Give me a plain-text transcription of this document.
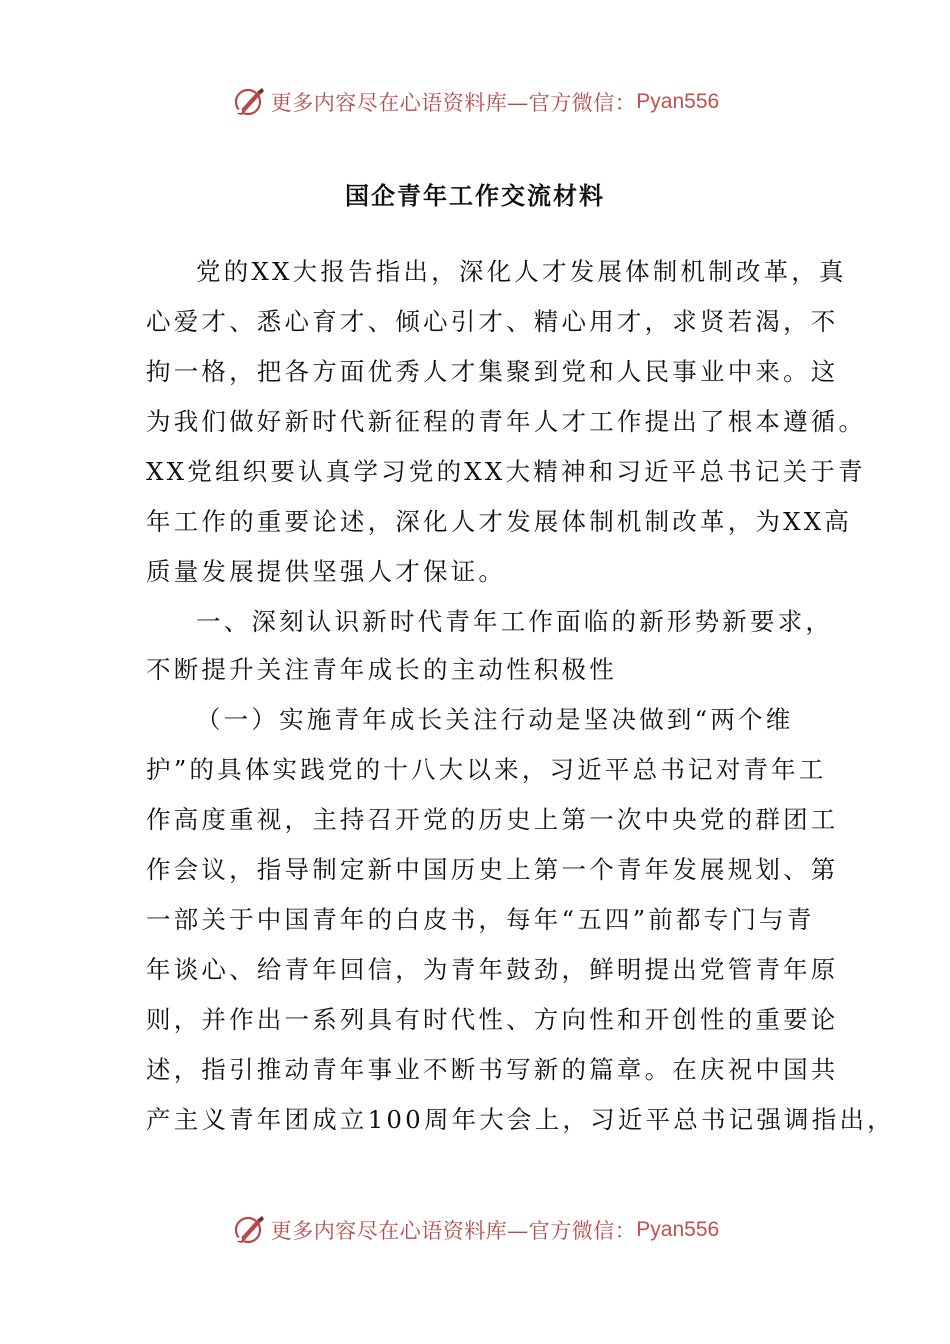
更多内容尽在心语资料库—官方微信： Pyan556
国企青年工作交流材料
党的XX大报告指出，深化人才发展体制机制改革，真
心爱才、悉心育才、倾心引才、精心用才，求贤若渴，不
拘一格，把各方面优秀人才集聚到党和人民事业中来。这
为我们做好新时代新征程的青年人才工作提出了根本遵循。
XX党组织要认真学习党的XX大精神和习近平总书记关于青
年工作的重要论述，深化人才发展体制机制改革，为XX高
质量发展提供坚强人才保证。
一、深刻认识新时代青年工作面临的新形势新要求，
不断提升关注青年成长的主动性积极性
（一）实施青年成长关注行动是坚决做到“两个维
护”的具体实践党的十八大以来，习近平总书记对青年工
作高度重视，主持召开党的历史上第一次中央党的群团工
作会议，指导制定新中国历史上第一个青年发展规划、第
一部关于中国青年的白皮书，每年“五四”前都专门与青
年谈心、给青年回信，为青年鼓劲，鲜明提出党管青年原
则，并作出一系列具有时代性、方向性和开创性的重要论
述，指引推动青年事业不断书写新的篇章。在庆祝中国共
产主义青年团成立100周年大会上，习近平总书记强调指出，
更多内容尽在心语资料库—官方微信： Pyan556
